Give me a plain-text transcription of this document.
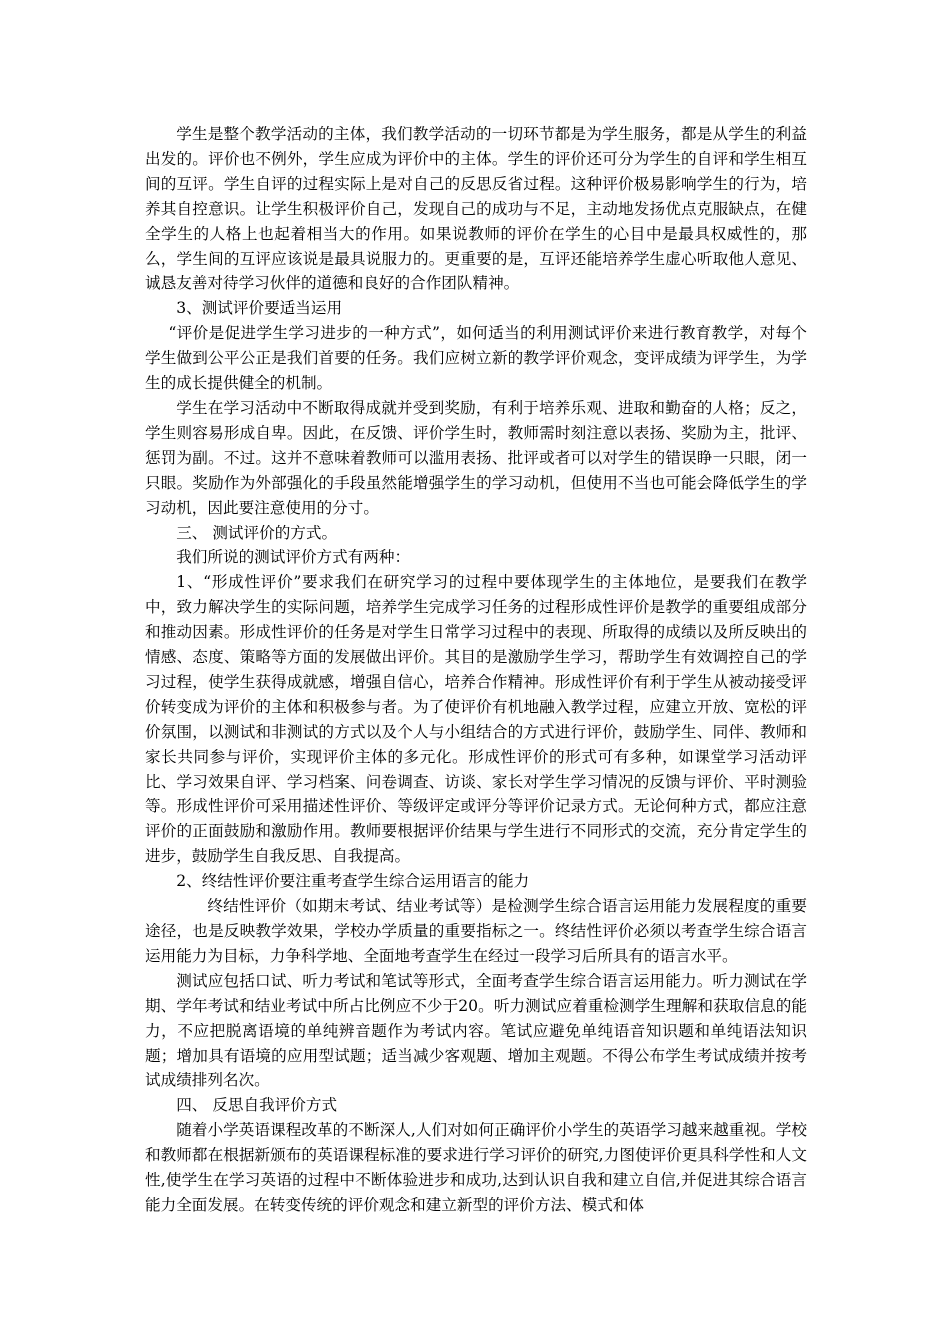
学生是整个教学活动的主体，我们教学活动的一切环节都是为学生服务，都是从学生的利益出发的。评价也不例外，学生应成为评价中的主体。学生的评价还可分为学生的自评和学生相互间的互评。学生自评的过程实际上是对自己的反思反省过程。这种评价极易影响学生的行为，培养其自控意识。让学生积极评价自己，发现自己的成功与不足，主动地发扬优点克服缺点，在健全学生的人格上也起着相当大的作用。如果说教师的评价在学生的心目中是最具权威性的，那么，学生间的互评应该说是最具说服力的。更重要的是，互评还能培养学生虚心听取他人意见、诚恳友善对待学习伙伴的道德和良好的合作团队精神。

3、测试评价要适当运用

“评价是促进学生学习进步的一种方式”，如何适当的利用测试评价来进行教育教学，对每个学生做到公平公正是我们首要的任务。我们应树立新的教学评价观念，变评成绩为评学生，为学生的成长提供健全的机制。

学生在学习活动中不断取得成就并受到奖励，有利于培养乐观、进取和勤奋的人格；反之，学生则容易形成自卑。因此，在反馈、评价学生时，教师需时刻注意以表扬、奖励为主，批评、惩罚为副。不过。这并不意味着教师可以滥用表扬、批评或者可以对学生的错误睁一只眼，闭一只眼。奖励作为外部强化的手段虽然能增强学生的学习动机，但使用不当也可能会降低学生的学习动机，因此要注意使用的分寸。

三、 测试评价的方式。

我们所说的测试评价方式有两种：

1、“形成性评价”要求我们在研究学习的过程中要体现学生的主体地位，是要我们在教学中，致力解决学生的实际问题，培养学生完成学习任务的过程形成性评价是教学的重要组成部分和推动因素。形成性评价的任务是对学生日常学习过程中的表现、所取得的成绩以及所反映出的情感、态度、策略等方面的发展做出评价。其目的是激励学生学习，帮助学生有效调控自己的学习过程，使学生获得成就感，增强自信心，培养合作精神。形成性评价有利于学生从被动接受评价转变成为评价的主体和积极参与者。为了使评价有机地融入教学过程，应建立开放、宽松的评价氛围，以测试和非测试的方式以及个人与小组结合的方式进行评价，鼓励学生、同伴、教师和家长共同参与评价，实现评价主体的多元化。形成性评价的形式可有多种，如课堂学习活动评比、学习效果自评、学习档案、问卷调查、访谈、家长对学生学习情况的反馈与评价、平时测验等。形成性评价可采用描述性评价、等级评定或评分等评价记录方式。无论何种方式，都应注意评价的正面鼓励和激励作用。教师要根据评价结果与学生进行不同形式的交流，充分肯定学生的进步，鼓励学生自我反思、自我提高。

2、终结性评价要注重考查学生综合运用语言的能力

终结性评价（如期末考试、结业考试等）是检测学生综合语言运用能力发展程度的重要途径，也是反映教学效果，学校办学质量的重要指标之一。终结性评价必须以考查学生综合语言运用能力为目标，力争科学地、全面地考查学生在经过一段学习后所具有的语言水平。

测试应包括口试、听力考试和笔试等形式，全面考查学生综合语言运用能力。听力测试在学期、学年考试和结业考试中所占比例应不少于20。听力测试应着重检测学生理解和获取信息的能力，不应把脱离语境的单纯辨音题作为考试内容。笔试应避免单纯语音知识题和单纯语法知识题；增加具有语境的应用型试题；适当减少客观题、增加主观题。不得公布学生考试成绩并按考试成绩排列名次。

四、 反思自我评价方式

随着小学英语课程改革的不断深人,人们对如何正确评价小学生的英语学习越来越重视。学校和教师都在根据新颁布的英语课程标准的要求进行学习评价的研究,力图使评价更具科学性和人文性,使学生在学习英语的过程中不断体验进步和成功,达到认识自我和建立自信,并促进其综合语言能力全面发展。在转变传统的评价观念和建立新型的评价方法、模式和体
